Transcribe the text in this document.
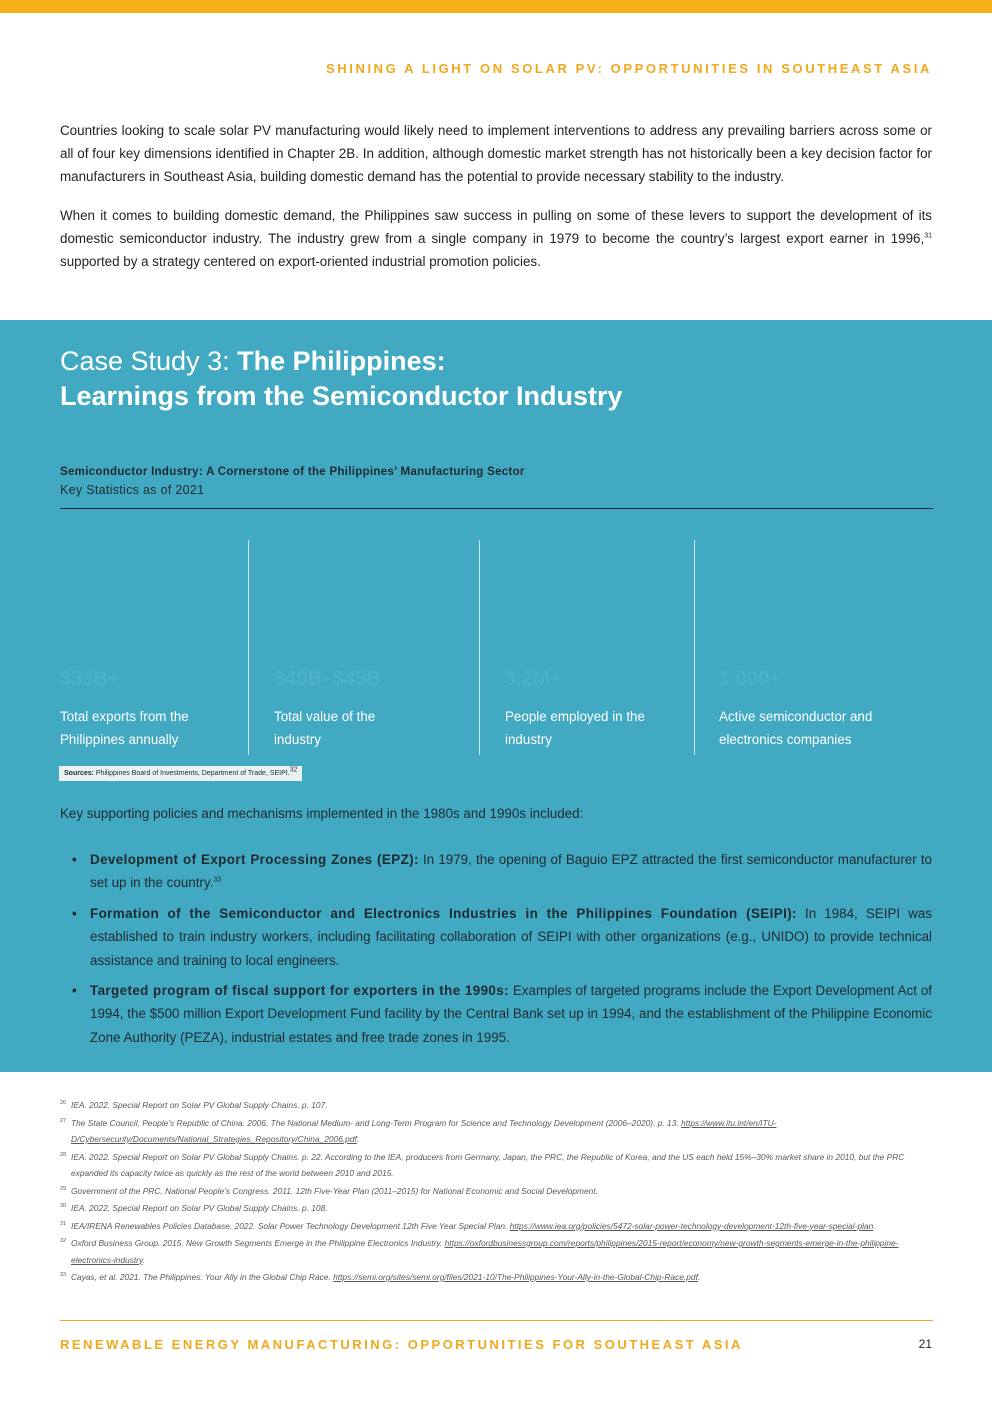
SHINING A LIGHT ON SOLAR PV: OPPORTUNITIES IN SOUTHEAST ASIA

Countries looking to scale solar PV manufacturing would likely need to implement interventions to address any prevailing barriers across some or all of four key dimensions identified in Chapter 2B. In addition, although domestic market strength has not historically been a key decision factor for manufacturers in Southeast Asia, building domestic demand has the potential to provide necessary stability to the industry.

When it comes to building domestic demand, the Philippines saw success in pulling on some of these levers to support the development of its domestic semiconductor industry. The industry grew from a single company in 1979 to become the country’s largest export earner in 1996,31 supported by a strategy centered on export-oriented industrial promotion policies.

Case Study 3: The Philippines:
Learnings from the Semiconductor Industry
Semiconductor Industry: A Cornerstone of the Philippines’ Manufacturing Sector
Key Statistics as of 2021
$33B+
Total exports from the
Philippines annually
$40B–$45B
Total value of the
industry
3.2M+
People employed in the
industry
1,000+
Active semiconductor and
electronics companies
Sources: Philippines Board of Investments, Department of Trade, SEIPI.$^{32}$
Key supporting policies and mechanisms implemented in the 1980s and 1990s included:
• Development of Export Processing Zones (EPZ): In 1979, the opening of Baguio EPZ attracted the first semiconductor manufacturer to set up in the country.$^{33}$
• Formation of the Semiconductor and Electronics Industries in the Philippines Foundation (SEIPI): In 1984, SEIPI was established to train industry workers, including facilitating collaboration of SEIPI with other organizations (e.g., UNIDO) to provide technical assistance and training to local engineers.
• Targeted program of fiscal support for exporters in the 1990s: Examples of targeted programs include the Export Development Act of 1994, the $500 million Export Development Fund facility by the Central Bank set up in 1994, and the establishment of the Philippine Economic Zone Authority (PEZA), industrial estates and free trade zones in 1995.
26 IEA. 2022. Special Report on Solar PV Global Supply Chains. p. 107.
27 The State Council, People’s Republic of China. 2006. The National Medium- and Long-Term Program for Science and Technology Development (2006–2020). p. 13. https://www.itu.int/en/ITU-D/Cybersecurity/Documents/National_Strategies_Repository/China_2006.pdf.
28 IEA. 2022. Special Report on Solar PV Global Supply Chains. p. 22. According to the IEA, producers from Germany, Japan, the PRC, the Republic of Korea, and the US each held 15%–30% market share in 2010, but the PRC expanded its capacity twice as quickly as the rest of the world between 2010 and 2015.
29 Government of the PRC, National People’s Congress. 2011. 12th Five-Year Plan (2011–2015) for National Economic and Social Development.
30 IEA. 2022. Special Report on Solar PV Global Supply Chains. p. 108.
31 IEA/IRENA Renewables Policies Database. 2022. Solar Power Technology Development 12th Five Year Special Plan. https://www.iea.org/policies/5472-solar-power-technology-development-12th-five-year-special-plan.
32 Oxford Business Group. 2015. New Growth Segments Emerge in the Philippine Electronics Industry. https://oxfordbusinessgroup.com/reports/philippines/2015-report/economy/new-growth-segments-emerge-in-the-philippine-electronics-industry.
33 Cayas, et al. 2021. The Philippines: Your Ally in the Global Chip Race. https://semi.org/sites/semi.org/files/2021-10/The-Philippines-Your-Ally-in-the-Global-Chip-Race.pdf.
RENEWABLE ENERGY MANUFACTURING: OPPORTUNITIES FOR SOUTHEAST ASIA	21
